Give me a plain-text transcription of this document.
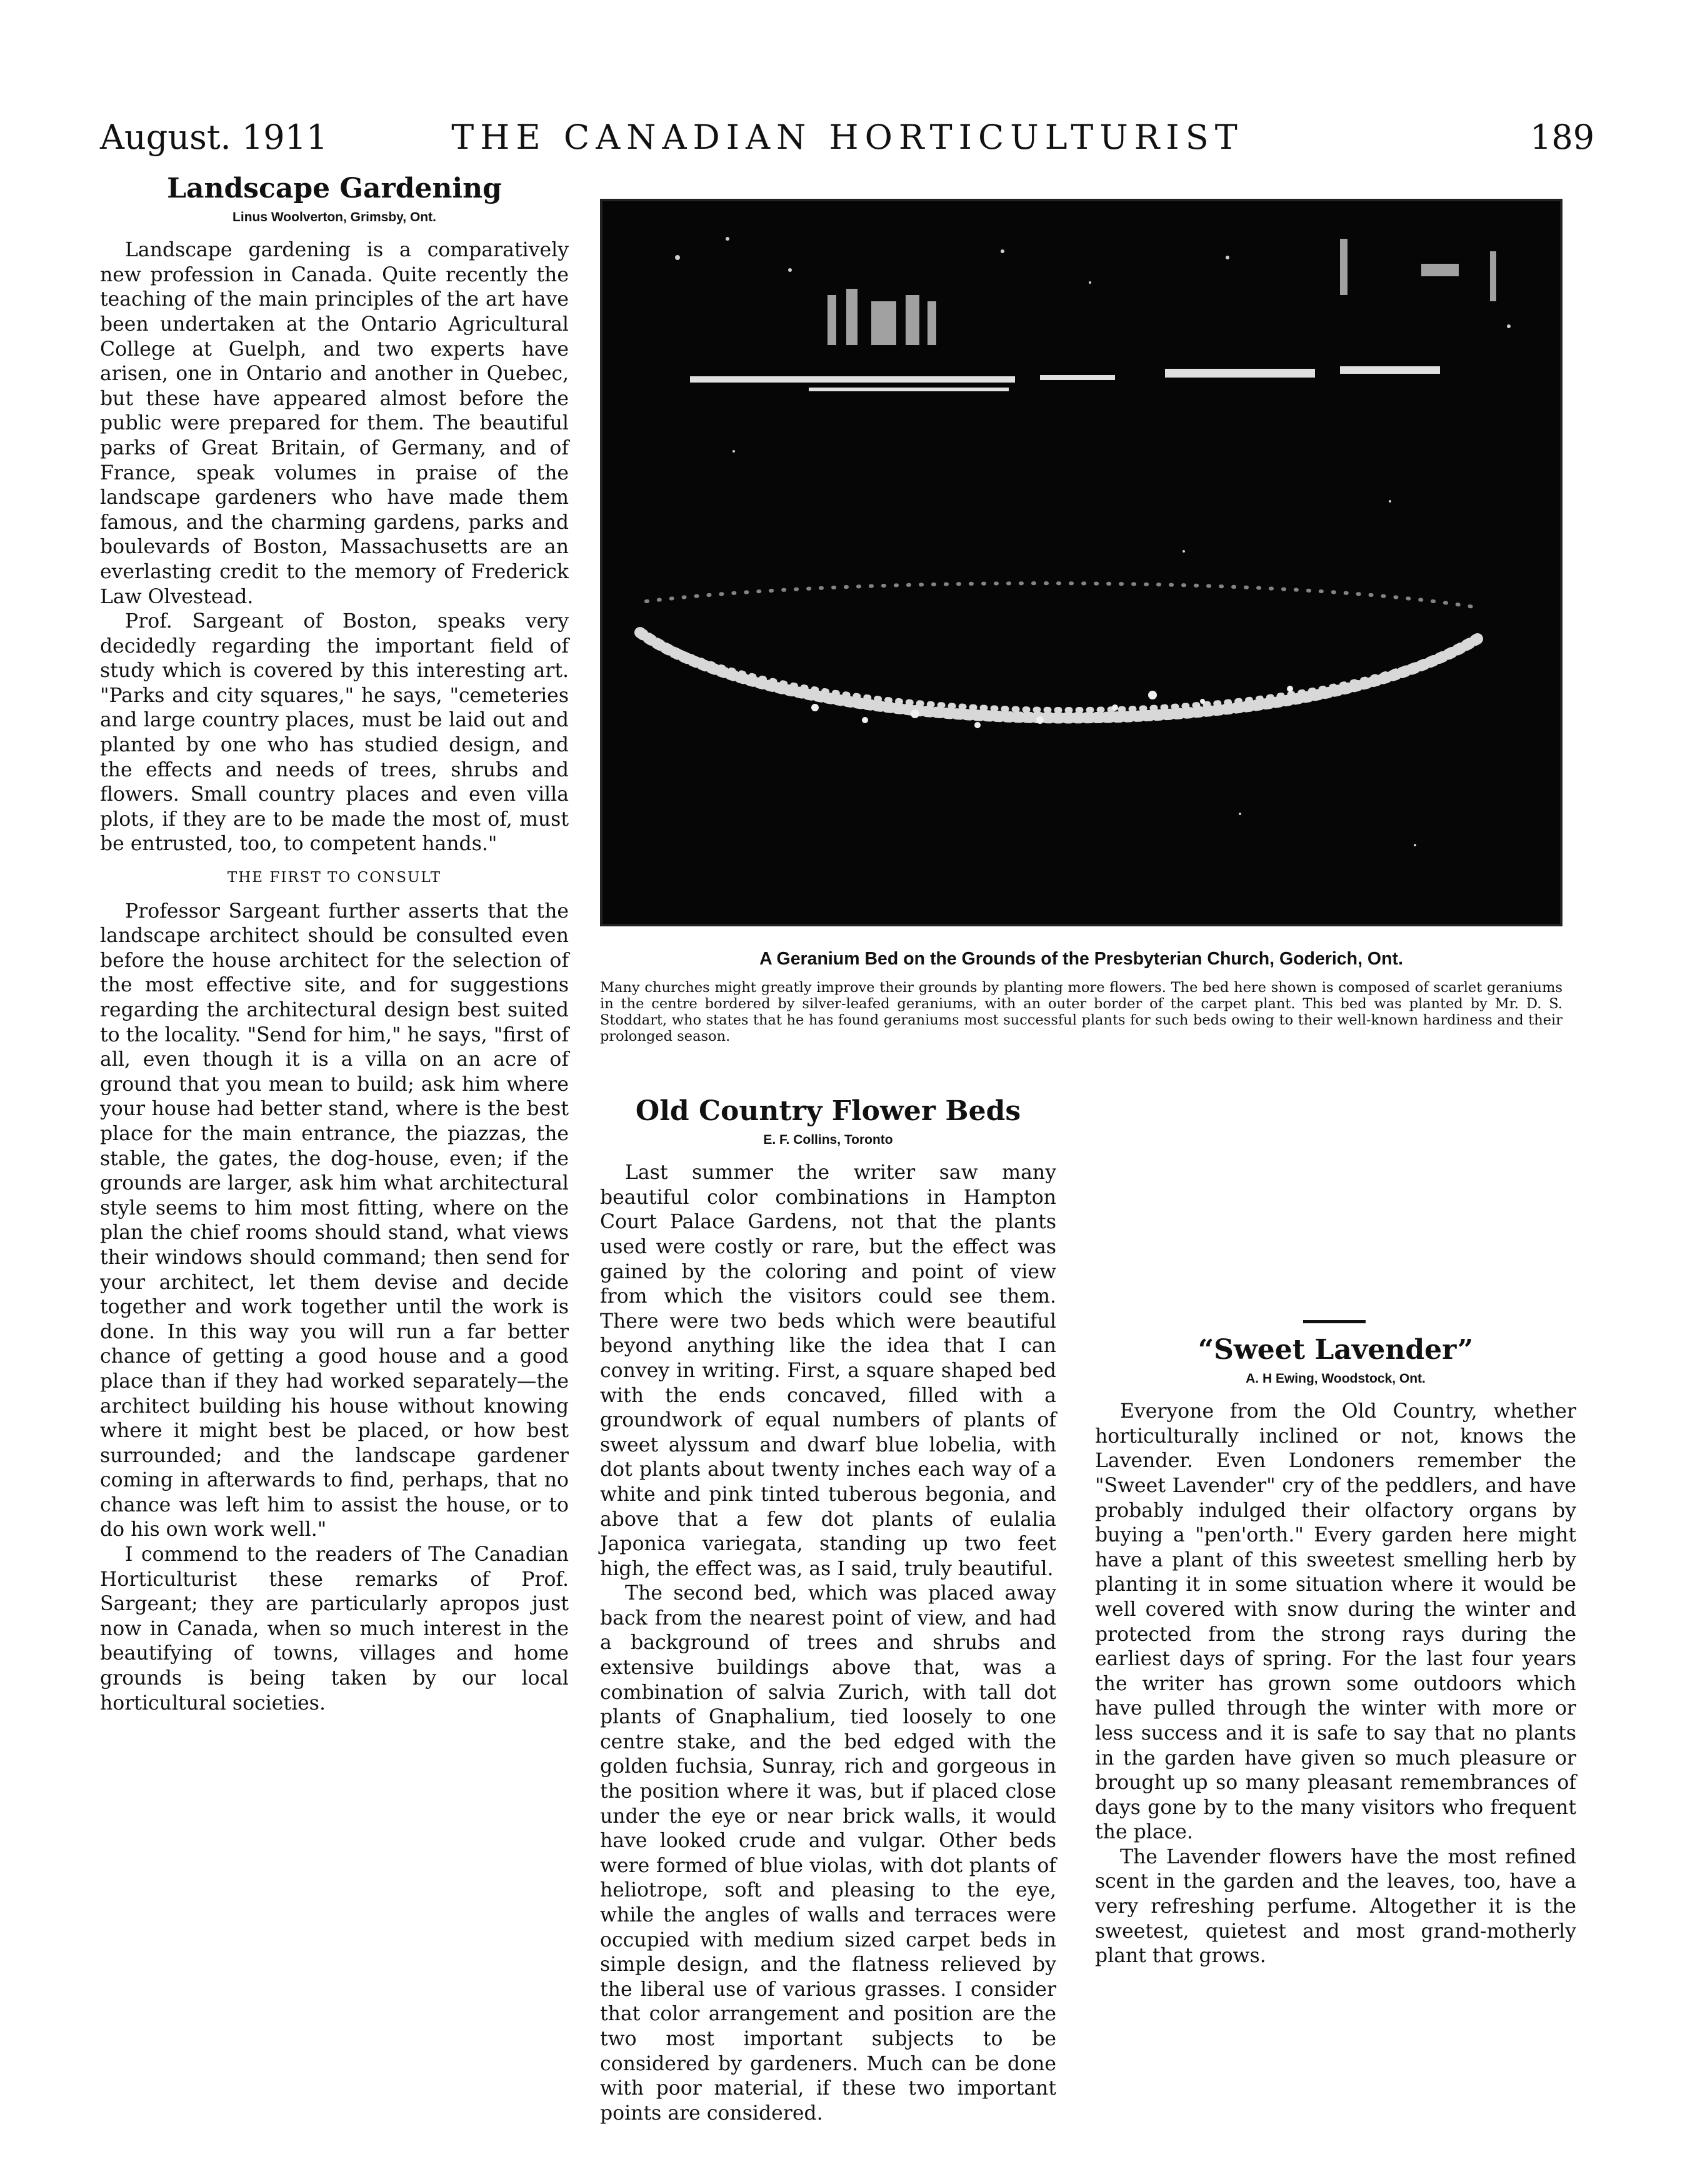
August. 1911	THE CANADIAN HORTICULTURIST	189
Landscape Gardening
Linus Woolverton, Grimsby, Ont.

Landscape gardening is a comparatively new profession in Canada. Quite recently the teaching of the main principles of the art have been undertaken at the Ontario Agricultural College at Guelph, and two experts have arisen, one in Ontario and another in Quebec, but these have appeared almost before the public were prepared for them. The beautiful parks of Great Britain, of Germany, and of France, speak volumes in praise of the landscape gardeners who have made them famous, and the charming gardens, parks and boulevards of Boston, Massachusetts are an everlasting credit to the memory of Frederick Law Olvestead.

Prof. Sargeant of Boston, speaks very decidedly regarding the important field of study which is covered by this interesting art. "Parks and city squares," he says, "cemeteries and large country places, must be laid out and planted by one who has studied design, and the effects and needs of trees, shrubs and flowers. Small country places and even villa plots, if they are to be made the most of, must be entrusted, too, to competent hands."

THE FIRST TO CONSULT

Professor Sargeant further asserts that the landscape architect should be consulted even before the house architect for the selection of the most effective site, and for suggestions regarding the architectural design best suited to the locality. "Send for him," he says, "first of all, even though it is a villa on an acre of ground that you mean to build; ask him where your house had better stand, where is the best place for the main entrance, the piazzas, the stable, the gates, the dog-house, even; if the grounds are larger, ask him what architectural style seems to him most fitting, where on the plan the chief rooms should stand, what views their windows should command; then send for your architect, let them devise and decide together and work together until the work is done. In this way you will run a far better chance of getting a good house and a good place than if they had worked separately—the architect building his house without knowing where it might best be placed, or how best surrounded; and the landscape gardener coming in afterwards to find, perhaps, that no chance was left him to assist the house, or to do his own work well."

I commend to the readers of The Canadian Horticulturist these remarks of Prof. Sargeant; they are particularly apropos just now in Canada, when so much interest in the beautifying of towns, villages and home grounds is being taken by our local horticultural societies.

A Geranium Bed on the Grounds of the Presbyterian Church, Goderich, Ont.
Many churches might greatly improve their grounds by planting more flowers. The bed here shown is composed of scarlet geraniums in the centre bordered by silver-leafed geraniums, with an outer border of the carpet plant. This bed was planted by Mr. D. S. Stoddart, who states that he has found geraniums most successful plants for such beds owing to their well-known hardiness and their prolonged season.
Old Country Flower Beds
E. F. Collins, Toronto

Last summer the writer saw many beautiful color combinations in Hampton Court Palace Gardens, not that the plants used were costly or rare, but the effect was gained by the coloring and point of view from which the visitors could see them. There were two beds which were beautiful beyond anything like the idea that I can convey in writing. First, a square shaped bed with the ends concaved, filled with a groundwork of equal numbers of plants of sweet alyssum and dwarf blue lobelia, with dot plants about twenty inches each way of a white and pink tinted tuberous begonia, and above that a few dot plants of eulalia Japonica variegata, standing up two feet high, the effect was, as I said, truly beautiful.

The second bed, which was placed away back from the nearest point of view, and had a background of trees and shrubs and extensive buildings above that, was a combination of salvia Zurich, with tall dot plants of Gnaphalium, tied loosely to one centre stake, and the bed edged with the golden fuchsia, Sunray, rich and gorgeous in the position where it was, but if placed close under the eye or near brick walls, it would have looked crude and vulgar. Other beds were formed of blue violas, with dot plants of heliotrope, soft and pleasing to the eye, while the angles of walls and terraces were occupied with medium sized carpet beds in simple design, and the flatness relieved by the liberal use of various grasses. I consider that color arrangement and position are the two most important subjects to be considered by gardeners. Much can be done with poor material, if these two important points are considered.

“Sweet Lavender”
A. H Ewing, Woodstock, Ont.

Everyone from the Old Country, whether horticulturally inclined or not, knows the Lavender. Even Londoners remember the "Sweet Lavender" cry of the peddlers, and have probably indulged their olfactory organs by buying a "pen'orth." Every garden here might have a plant of this sweetest smelling herb by planting it in some situation where it would be well covered with snow during the winter and protected from the strong rays during the earliest days of spring. For the last four years the writer has grown some outdoors which have pulled through the winter with more or less success and it is safe to say that no plants in the garden have given so much pleasure or brought up so many pleasant remembrances of days gone by to the many visitors who frequent the place.

The Lavender flowers have the most refined scent in the garden and the leaves, too, have a very refreshing perfume. Altogether it is the sweetest, quietest and most grand-motherly plant that grows.
